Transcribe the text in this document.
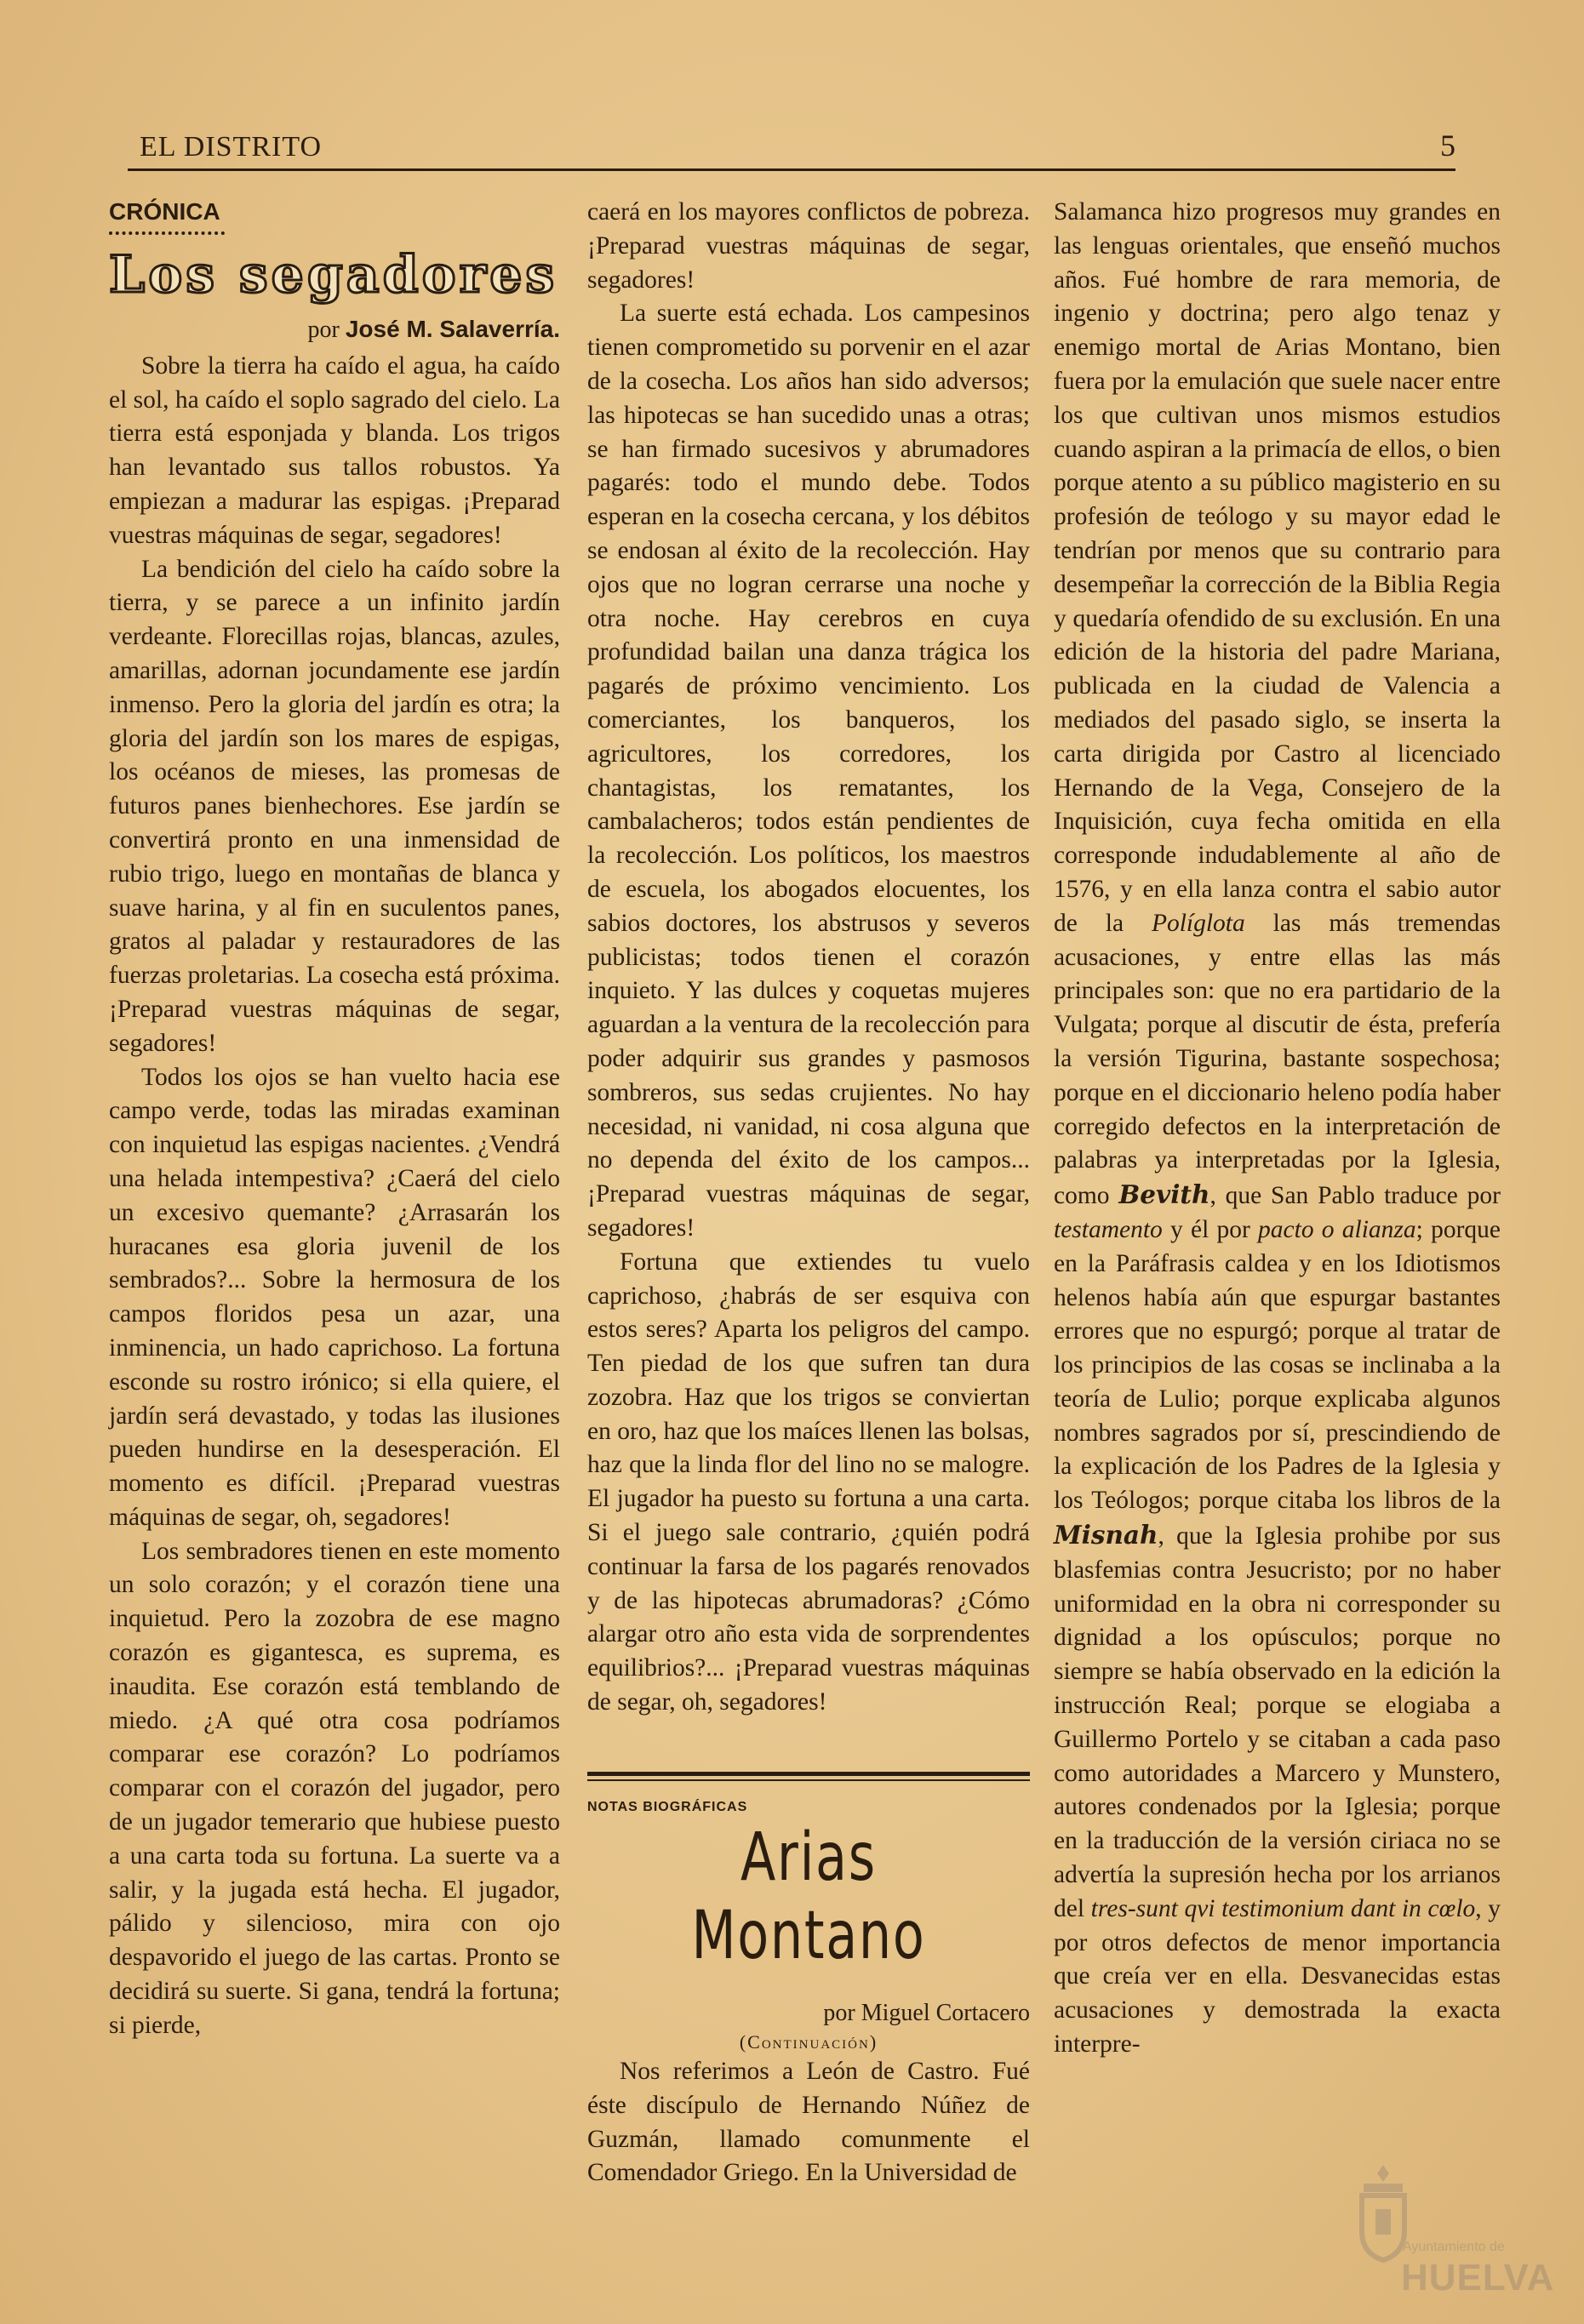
EL DISTRITO	5
CRÓNICA
Los segadores
por José M. Salaverría.

Sobre la tierra ha caído el agua, ha caído el sol, ha caído el soplo sagrado del cielo. La tierra está esponjada y blanda. Los trigos han levantado sus tallos robustos. Ya empiezan a madurar las espigas. ¡Preparad vuestras máquinas de segar, segadores!

La bendición del cielo ha caído sobre la tierra, y se parece a un infinito jardín verdeante. Florecillas rojas, blancas, azules, amarillas, adornan jocundamente ese jardín inmenso. Pero la gloria del jardín es otra; la gloria del jardín son los mares de espigas, los océanos de mieses, las promesas de futuros panes bienhechores. Ese jardín se convertirá pronto en una inmensidad de rubio trigo, luego en montañas de blanca y suave harina, y al fin en suculentos panes, gratos al paladar y restauradores de las fuerzas proletarias. La cosecha está próxima. ¡Preparad vuestras máquinas de segar, segadores!

Todos los ojos se han vuelto hacia ese campo verde, todas las miradas examinan con inquietud las espigas nacientes. ¿Vendrá una helada intempestiva? ¿Caerá del cielo un excesivo quemante? ¿Arrasarán los huracanes esa gloria juvenil de los sembrados?... Sobre la hermosura de los campos floridos pesa un azar, una inminencia, un hado caprichoso. La fortuna esconde su rostro irónico; si ella quiere, el jardín será devastado, y todas las ilusiones pueden hundirse en la desesperación. El momento es difícil. ¡Preparad vuestras máquinas de segar, oh, segadores!

Los sembradores tienen en este momento un solo corazón; y el corazón tiene una inquietud. Pero la zozobra de ese magno corazón es gigantesca, es suprema, es inaudita. Ese corazón está temblando de miedo. ¿A qué otra cosa podríamos comparar ese corazón? Lo podríamos comparar con el corazón del jugador, pero de un jugador temerario que hubiese puesto a una carta toda su fortuna. La suerte va a salir, y la jugada está hecha. El jugador, pálido y silencioso, mira con ojo despavorido el juego de las cartas. Pronto se decidirá su suerte. Si gana, tendrá la fortuna; si pierde,

caerá en los mayores conflictos de pobreza. ¡Preparad vuestras máquinas de segar, segadores!

La suerte está echada. Los campesinos tienen comprometido su porvenir en el azar de la cosecha. Los años han sido adversos; las hipotecas se han sucedido unas a otras; se han firmado sucesivos y abrumadores pagarés: todo el mundo debe. Todos esperan en la cosecha cercana, y los débitos se endosan al éxito de la recolección. Hay ojos que no logran cerrarse una noche y otra noche. Hay cerebros en cuya profundidad bailan una danza trágica los pagarés de próximo vencimiento. Los comerciantes, los banqueros, los agricultores, los corredores, los chantagistas, los rematantes, los cambalacheros; todos están pendientes de la recolección. Los políticos, los maestros de escuela, los abogados elocuentes, los sabios doctores, los abstrusos y severos publicistas; todos tienen el corazón inquieto. Y las dulces y coquetas mujeres aguardan a la ventura de la recolección para poder adquirir sus grandes y pasmosos sombreros, sus sedas crujientes. No hay necesidad, ni vanidad, ni cosa alguna que no dependa del éxito de los campos... ¡Preparad vuestras máquinas de segar, segadores!

Fortuna que extiendes tu vuelo caprichoso, ¿habrás de ser esquiva con estos seres? Aparta los peligros del campo. Ten piedad de los que sufren tan dura zozobra. Haz que los trigos se conviertan en oro, haz que los maíces llenen las bolsas, haz que la linda flor del lino no se malogre. El jugador ha puesto su fortuna a una carta. Si el juego sale contrario, ¿quién podrá continuar la farsa de los pagarés renovados y de las hipotecas abrumadoras? ¿Cómo alargar otro año esta vida de sorprendentes equilibrios?... ¡Preparad vuestras máquinas de segar, oh, segadores!

NOTAS BIOGRÁFICAS
Arias Montano
por Miguel Cortacero
(Continuación)

Nos referimos a León de Castro. Fué éste discípulo de Hernando Núñez de Guzmán, llamado comunmente el Comendador Griego. En la Universidad de

Salamanca hizo progresos muy grandes en las lenguas orientales, que enseñó muchos años. Fué hombre de rara memoria, de ingenio y doctrina; pero algo tenaz y enemigo mortal de Arias Montano, bien fuera por la emulación que suele nacer entre los que cultivan unos mismos estudios cuando aspiran a la primacía de ellos, o bien porque atento a su público magisterio en su profesión de teólogo y su mayor edad le tendrían por menos que su contrario para desempeñar la corrección de la Biblia Regia y quedaría ofendido de su exclusión. En una edición de la historia del padre Mariana, publicada en la ciudad de Valencia a mediados del pasado siglo, se inserta la carta dirigida por Castro al licenciado Hernando de la Vega, Consejero de la Inquisición, cuya fecha omitida en ella corresponde indudablemente al año de 1576, y en ella lanza contra el sabio autor de la Políglota las más tremendas acusaciones, y entre ellas las más principales son: que no era partidario de la Vulgata; porque al discutir de ésta, prefería la versión Tigurina, bastante sospechosa; porque en el diccionario heleno podía haber corregido defectos en la interpretación de palabras ya interpretadas por la Iglesia, como Bevith, que San Pablo traduce por testamento y él por pacto o alianza; porque en la Paráfrasis caldea y en los Idiotismos helenos había aún que espurgar bastantes errores que no espurgó; porque al tratar de los principios de las cosas se inclinaba a la teoría de Lulio; porque explicaba algunos nombres sagrados por sí, prescindiendo de la explicación de los Padres de la Iglesia y los Teólogos; porque citaba los libros de la Misnah, que la Iglesia prohibe por sus blasfemias contra Jesucristo; por no haber uniformidad en la obra ni corresponder su dignidad a los opúsculos; porque no siempre se había observado en la edición la instrucción Real; porque se elogiaba a Guillermo Portelo y se citaban a cada paso como autoridades a Marcero y Munstero, autores condenados por la Iglesia; porque en la traducción de la versión ciriaca no se advertía la supresión hecha por los arrianos del tres-sunt qvi testimonium dant in cœlo, y por otros defectos de menor importancia que creía ver en ella. Desvanecidas estas acusaciones y demostrada la exacta interpre-

Ayuntamiento de
HUELVA
